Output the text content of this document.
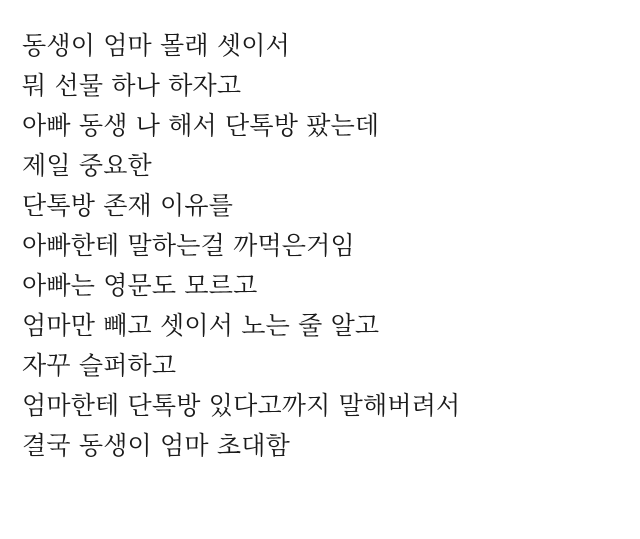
동생이 엄마 몰래 셋이서
뭐 선물 하나 하자고
아빠 동생 나 해서 단톡방 팠는데
제일 중요한
단톡방 존재 이유를
아빠한테 말하는걸 까먹은거임
아빠는 영문도 모르고
엄마만 빼고 셋이서 노는 줄 알고
자꾸 슬퍼하고
엄마한테 단톡방 있다고까지 말해버려서
결국 동생이 엄마 초대함
